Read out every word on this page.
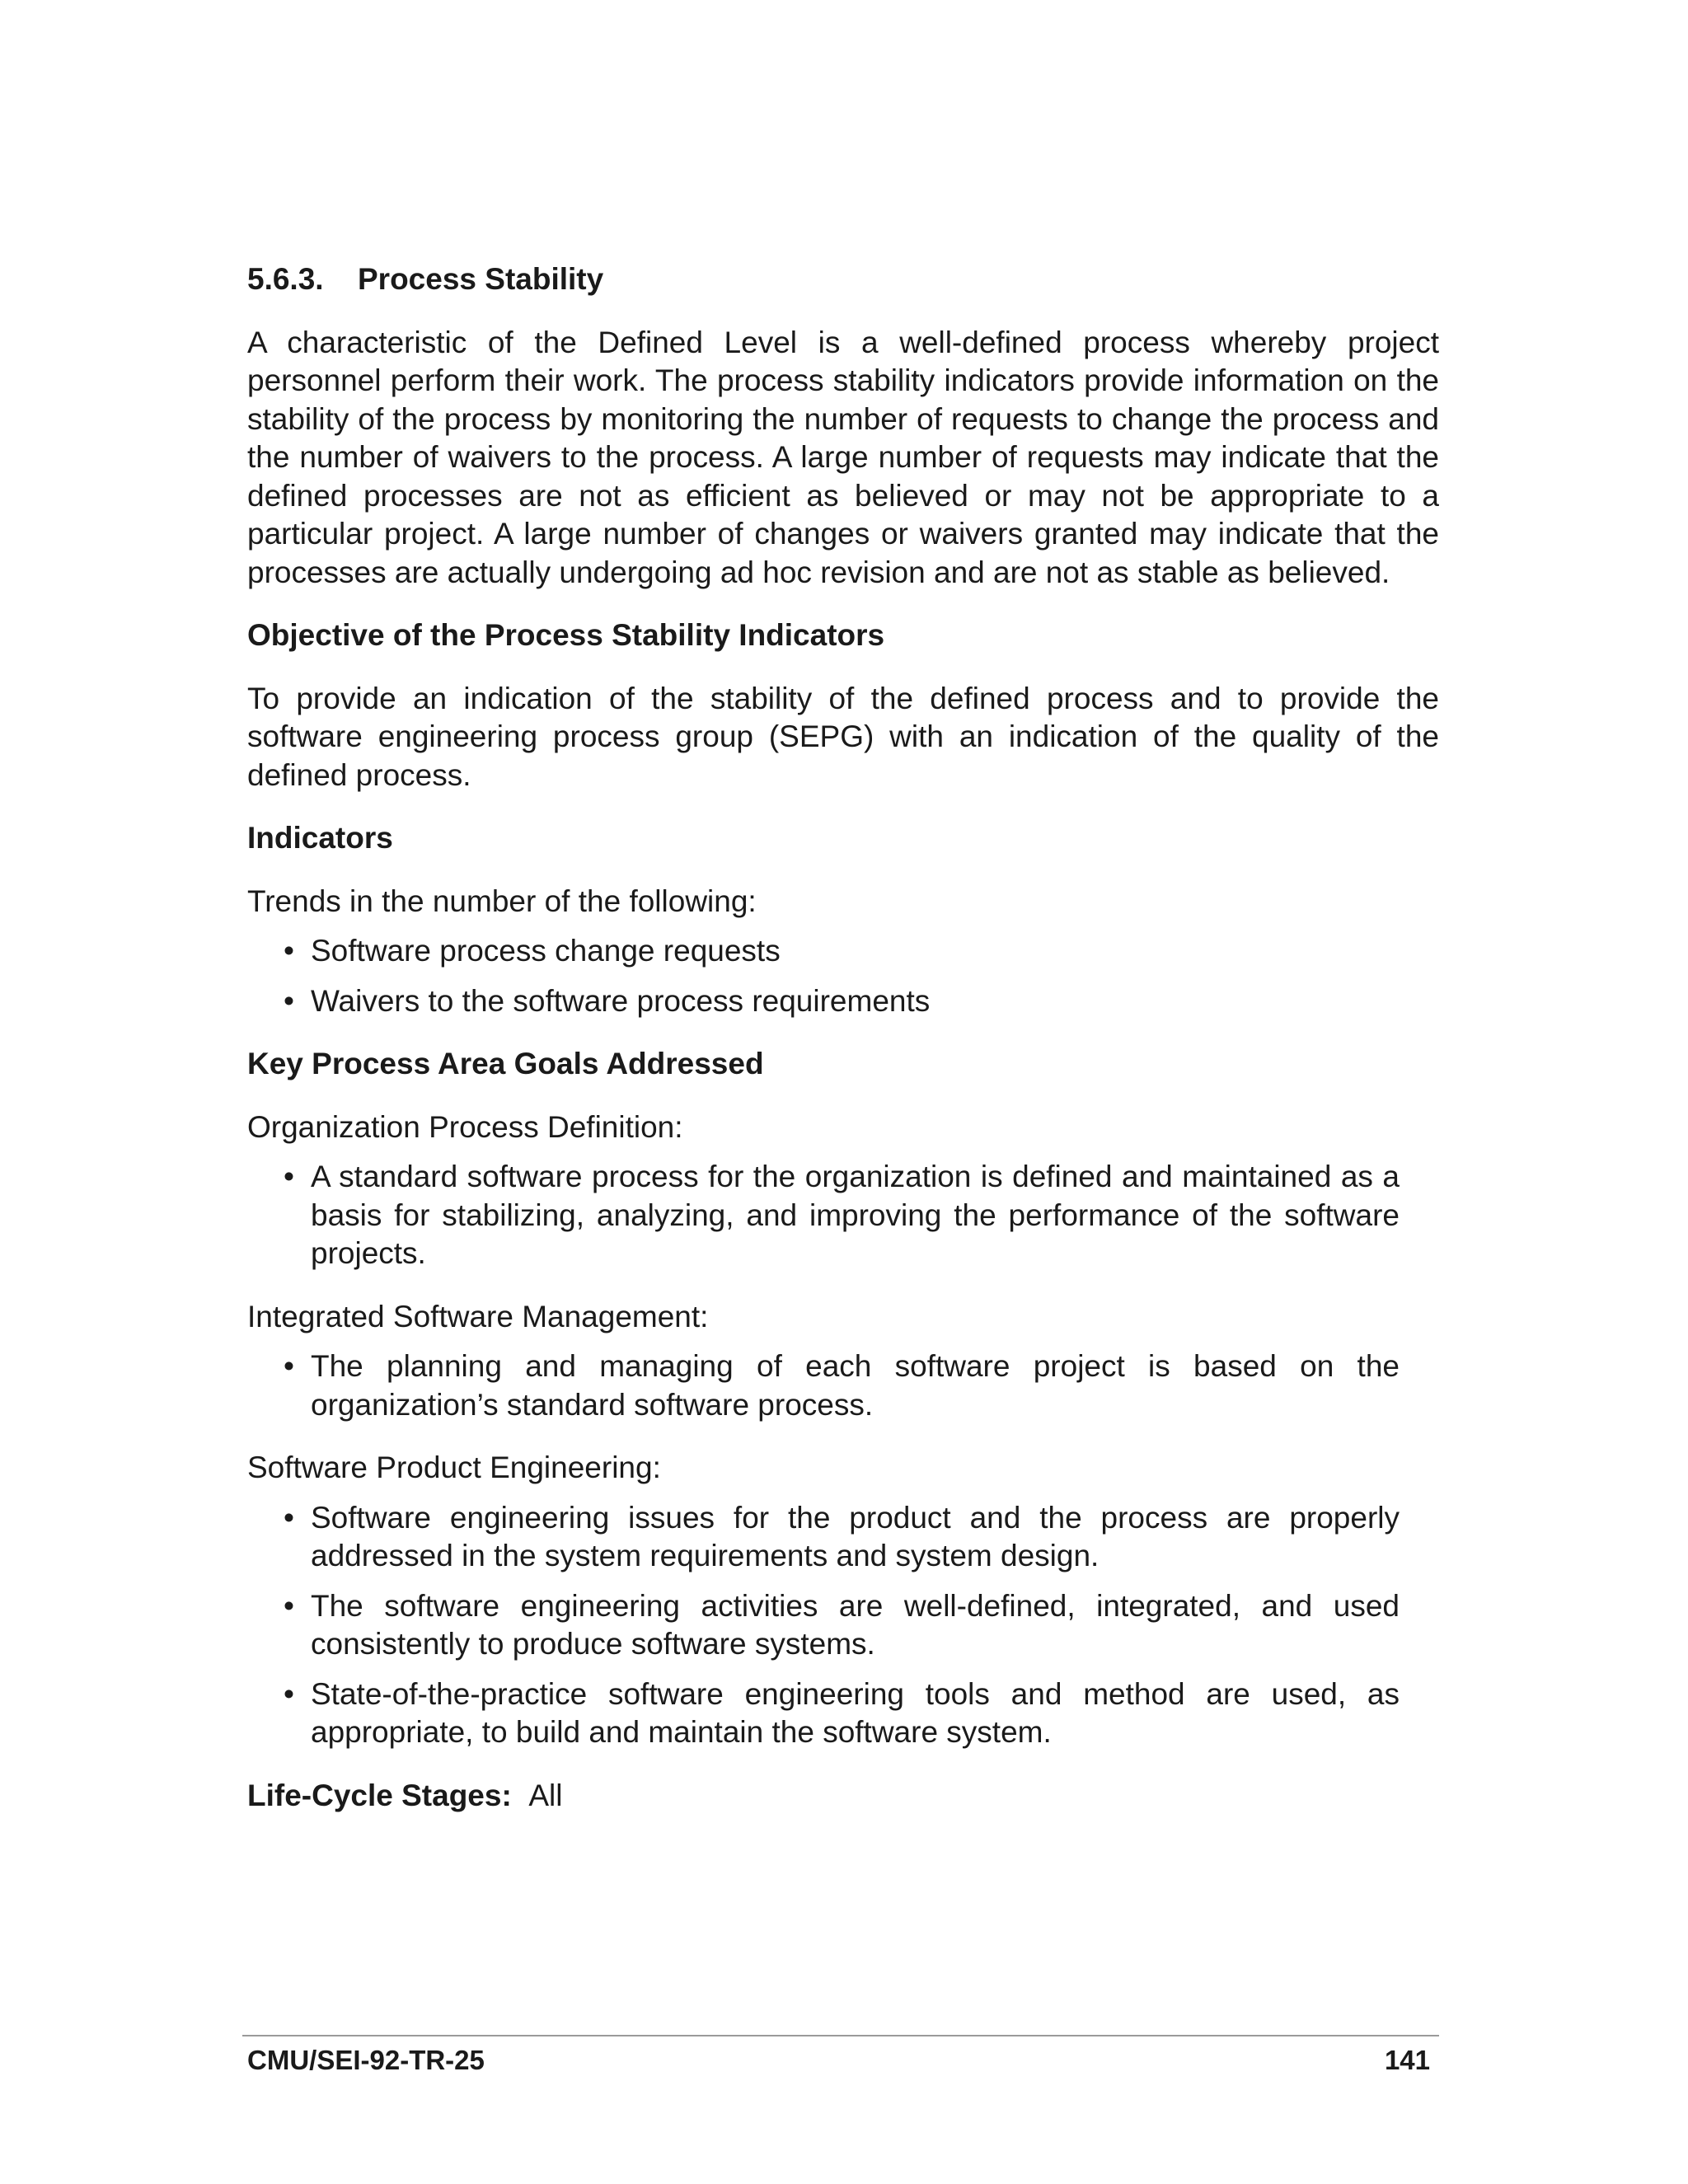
5.6.3. Process Stability
A characteristic of the Defined Level is a well-defined process whereby project personnel perform their work. The process stability indicators provide information on the stability of the process by monitoring the number of requests to change the process and the number of waivers to the process. A large number of requests may indicate that the defined processes are not as efficient as believed or may not be appropriate to a particular project. A large number of changes or waivers granted may indicate that the processes are actually undergoing ad hoc revision and are not as stable as believed.
Objective of the Process Stability Indicators
To provide an indication of the stability of the defined process and to provide the software engineering process group (SEPG) with an indication of the quality of the defined process.
Indicators
Trends in the number of the following:
• Software process change requests
• Waivers to the software process requirements
Key Process Area Goals Addressed
Organization Process Definition:
• A standard software process for the organization is defined and maintained as a basis for stabilizing, analyzing, and improving the performance of the software projects.
Integrated Software Management:
• The planning and managing of each software project is based on the organization’s standard software process.
Software Product Engineering:
• Software engineering issues for the product and the process are properly addressed in the system requirements and system design.
• The software engineering activities are well-defined, integrated, and used consistently to produce software systems.
• State-of-the-practice software engineering tools and method are used, as appropriate, to build and maintain the software system.
Life-Cycle Stages: All
CMU/SEI-92-TR-25	141
